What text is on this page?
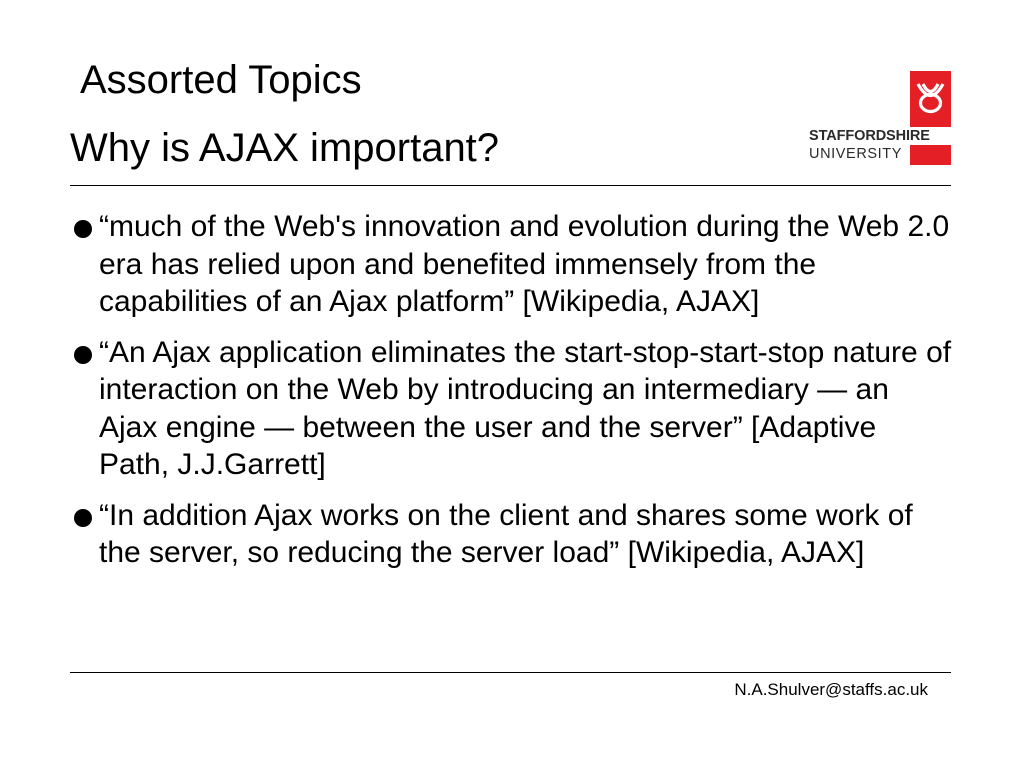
Assorted Topics
Why is AJAX important?	STAFFORDSHIRE
UNIVERSITY
“much of the Web's innovation and evolution during the Web 2.0 era has relied upon and benefited immensely from the capabilities of an Ajax platform” [Wikipedia, AJAX]
“An Ajax application eliminates the start-stop-start-stop nature of interaction on the Web by introducing an intermediary — an Ajax engine — between the user and the server” [Adaptive Path, J.J.Garrett]
“In addition Ajax works on the client and shares some work of the server, so reducing the server load” [Wikipedia, AJAX]
N.A.Shulver@staffs.ac.uk
